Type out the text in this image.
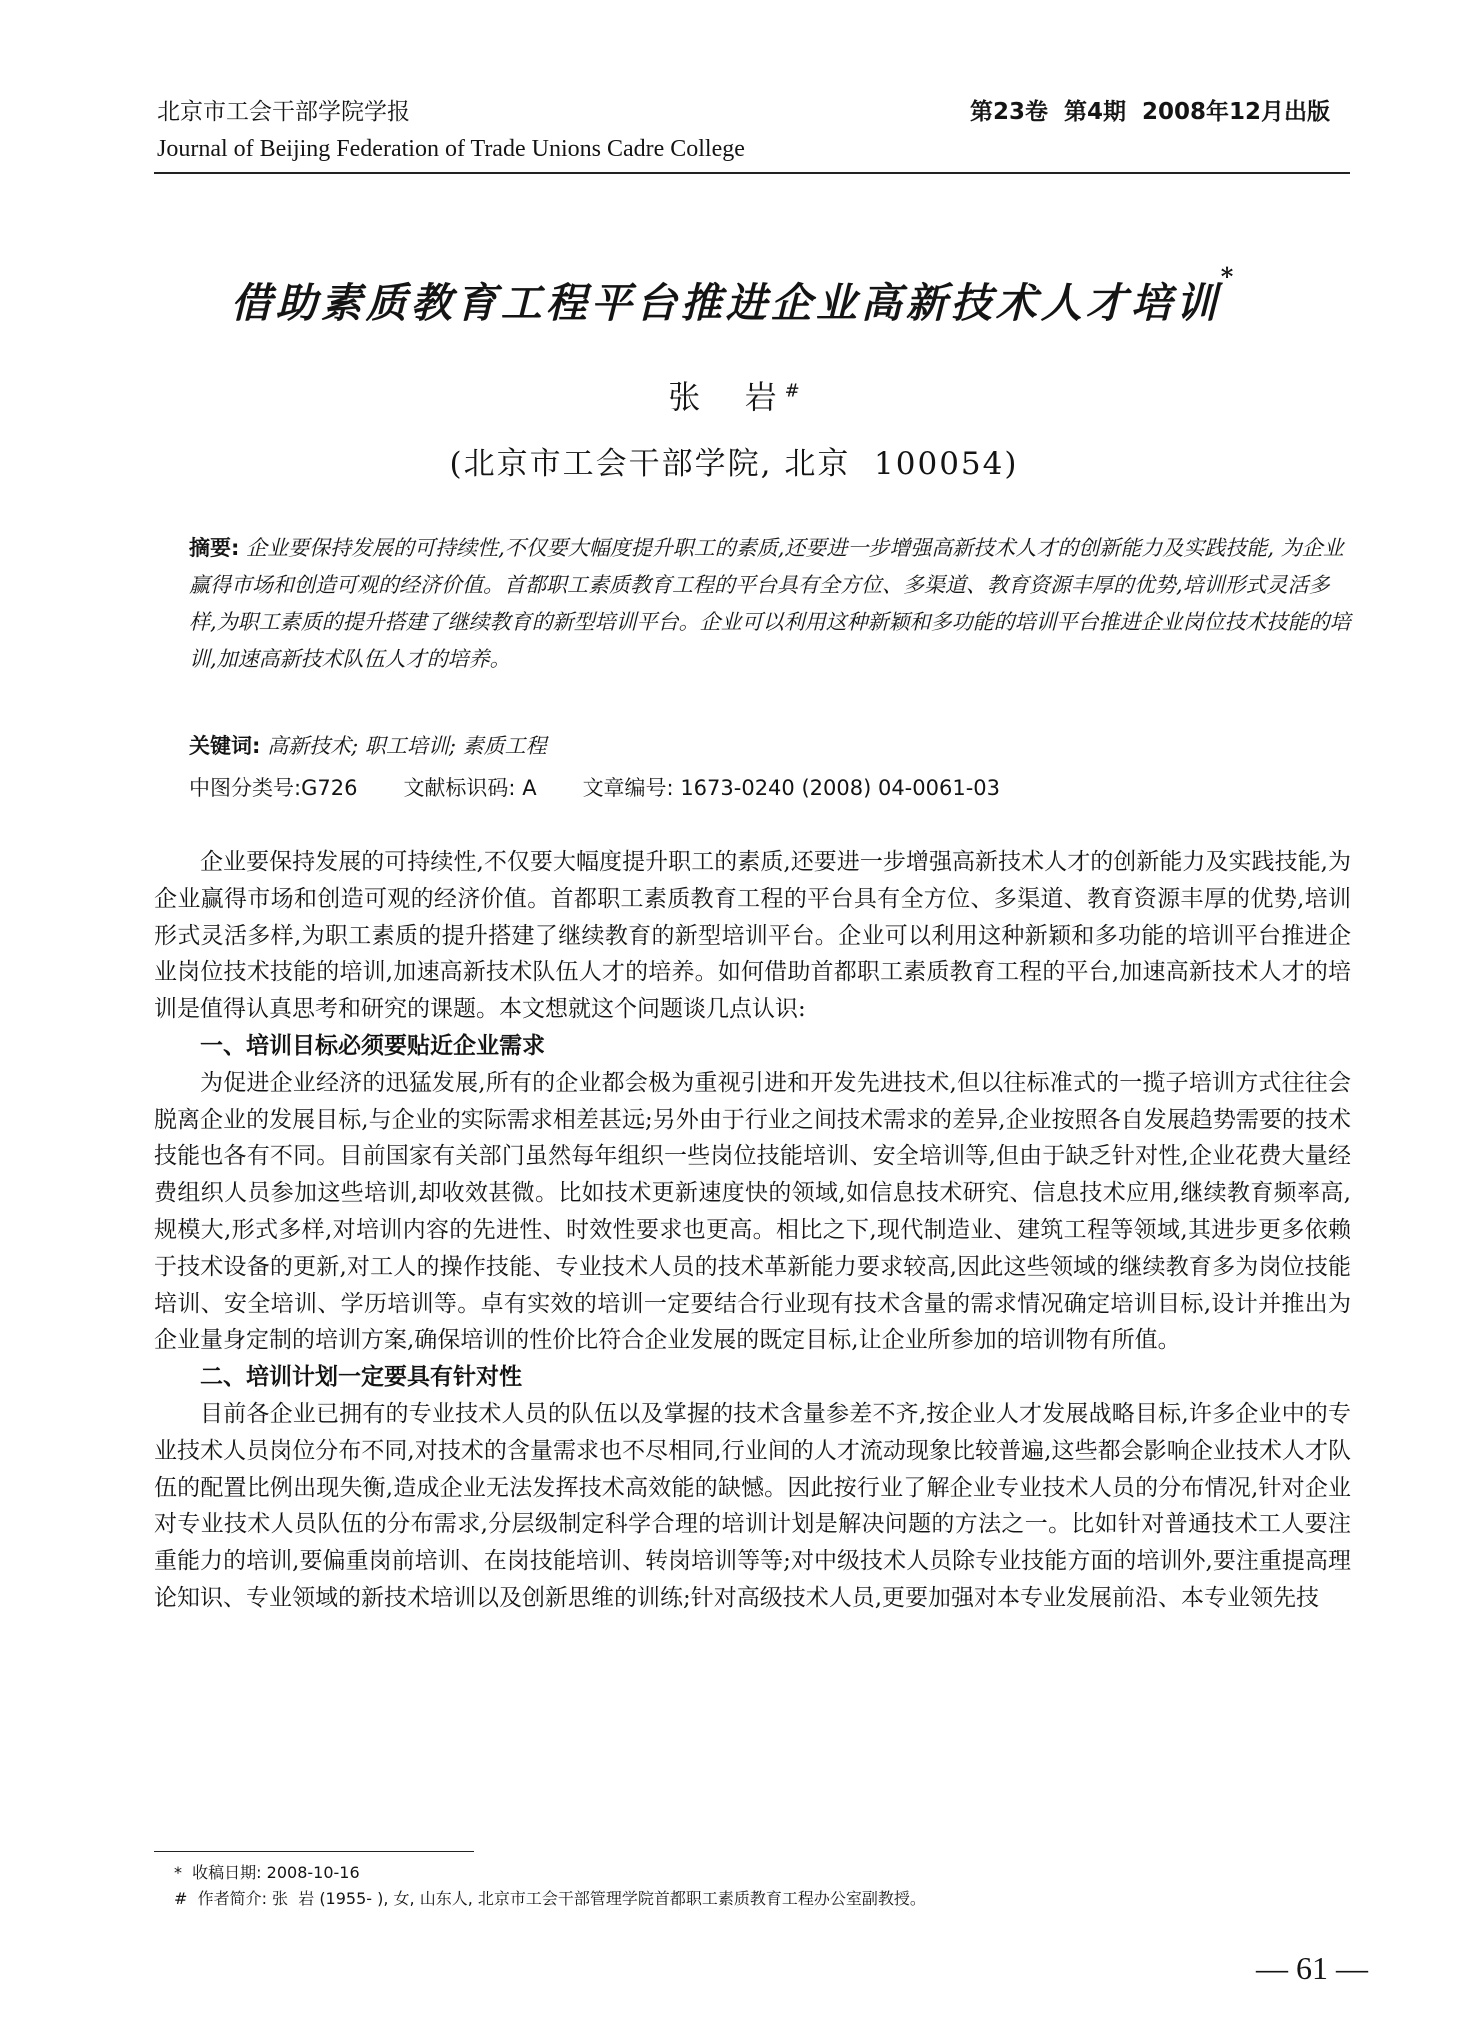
北京市工会干部学院学报
Journal of Beijing Federation of Trade Unions Cadre College
第23卷  第4期  2008年12月出版
借助素质教育工程平台推进企业高新技术人才培训*
张  岩#
(北京市工会干部学院, 北京  100054)
摘要: 企业要保持发展的可持续性,不仅要大幅度提升职工的素质,还要进一步增强高新技术人才的创新能力及实践技能, 为企业赢得市场和创造可观的经济价值。首都职工素质教育工程的平台具有全方位、多渠道、教育资源丰厚的优势,培训形式灵活多样,为职工素质的提升搭建了继续教育的新型培训平台。企业可以利用这种新颖和多功能的培训平台推进企业岗位技术技能的培训,加速高新技术队伍人才的培养。
关键词: 高新技术; 职工培训; 素质工程
中图分类号:G726 文献标识码: A 文章编号: 1673-0240 (2008) 04-0061-03

企业要保持发展的可持续性,不仅要大幅度提升职工的素质,还要进一步增强高新技术人才的创新能力及实践技能,为企业赢得市场和创造可观的经济价值。首都职工素质教育工程的平台具有全方位、多渠道、教育资源丰厚的优势,培训形式灵活多样,为职工素质的提升搭建了继续教育的新型培训平台。企业可以利用这种新颖和多功能的培训平台推进企业岗位技术技能的培训,加速高新技术队伍人才的培养。如何借助首都职工素质教育工程的平台,加速高新技术人才的培训是值得认真思考和研究的课题。本文想就这个问题谈几点认识:

一、培训目标必须要贴近企业需求

为促进企业经济的迅猛发展,所有的企业都会极为重视引进和开发先进技术,但以往标准式的一揽子培训方式往往会脱离企业的发展目标,与企业的实际需求相差甚远;另外由于行业之间技术需求的差异,企业按照各自发展趋势需要的技术技能也各有不同。目前国家有关部门虽然每年组织一些岗位技能培训、安全培训等,但由于缺乏针对性,企业花费大量经费组织人员参加这些培训,却收效甚微。比如技术更新速度快的领域,如信息技术研究、信息技术应用,继续教育频率高,规模大,形式多样,对培训内容的先进性、时效性要求也更高。相比之下,现代制造业、建筑工程等领域,其进步更多依赖于技术设备的更新,对工人的操作技能、专业技术人员的技术革新能力要求较高,因此这些领域的继续教育多为岗位技能培训、安全培训、学历培训等。卓有实效的培训一定要结合行业现有技术含量的需求情况确定培训目标,设计并推出为企业量身定制的培训方案,确保培训的性价比符合企业发展的既定目标,让企业所参加的培训物有所值。

二、培训计划一定要具有针对性

目前各企业已拥有的专业技术人员的队伍以及掌握的技术含量参差不齐,按企业人才发展战略目标,许多企业中的专业技术人员岗位分布不同,对技术的含量需求也不尽相同,行业间的人才流动现象比较普遍,这些都会影响企业技术人才队伍的配置比例出现失衡,造成企业无法发挥技术高效能的缺憾。因此按行业了解企业专业技术人员的分布情况,针对企业对专业技术人员队伍的分布需求,分层级制定科学合理的培训计划是解决问题的方法之一。比如针对普通技术工人要注重能力的培训,要偏重岗前培训、在岗技能培训、转岗培训等等;对中级技术人员除专业技能方面的培训外,要注重提高理论知识、专业领域的新技术培训以及创新思维的训练;针对高级技术人员,更要加强对本专业发展前沿、本专业领先技

*  收稿日期: 2008-10-16
#  作者简介: 张  岩 (1955- ), 女, 山东人, 北京市工会干部管理学院首都职工素质教育工程办公室副教授。
— 61 —
